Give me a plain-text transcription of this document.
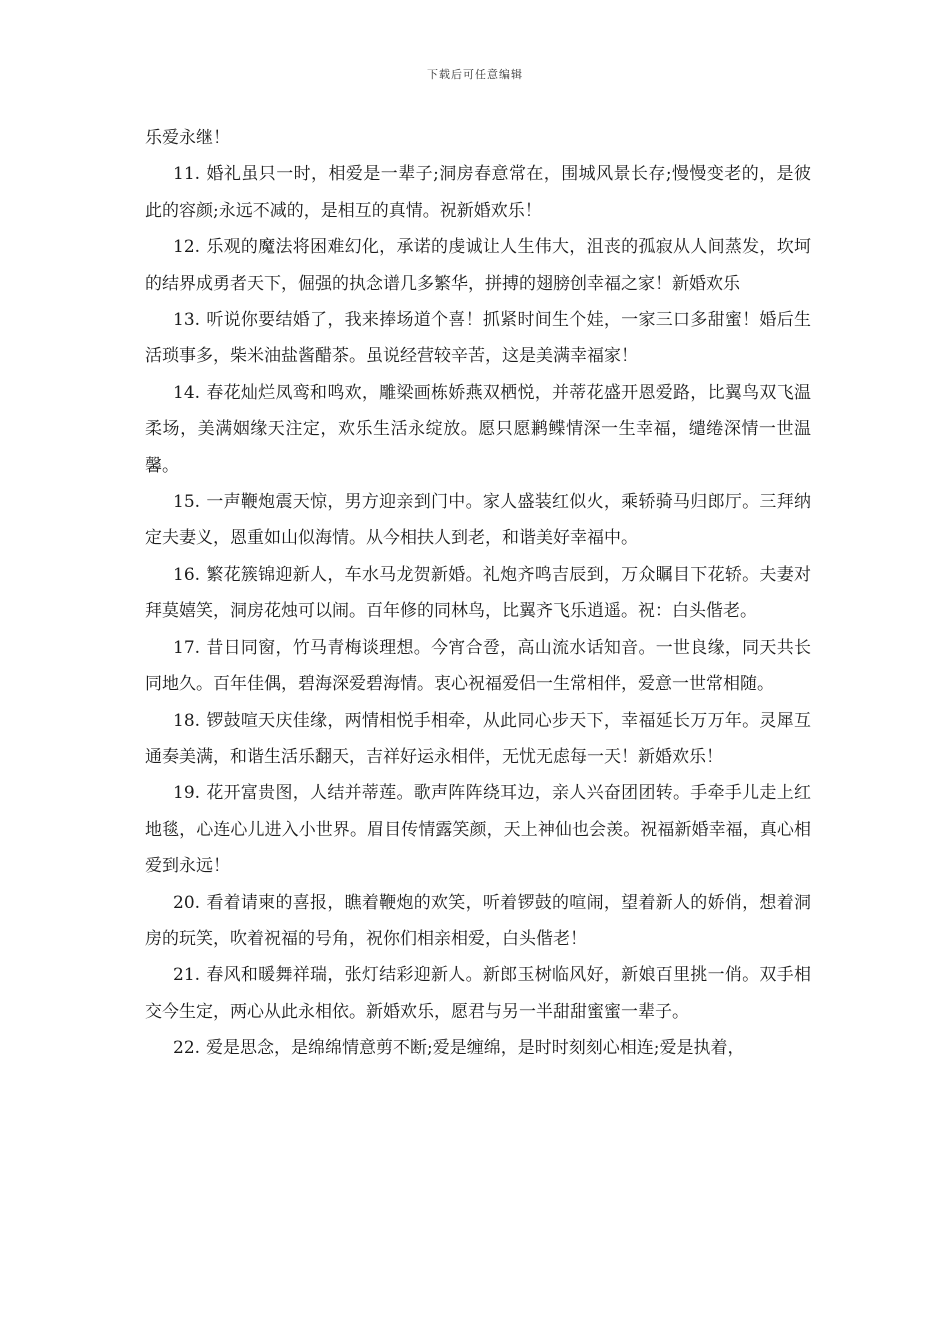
下载后可任意编辑

乐爱永继！

11. 婚礼虽只一时，相爱是一辈子;洞房春意常在，围城风景长存;慢慢变老的，是彼此的容颜;永远不减的，是相互的真情。祝新婚欢乐！

12. 乐观的魔法将困难幻化，承诺的虔诚让人生伟大，沮丧的孤寂从人间蒸发，坎坷的结界成勇者天下，倔强的执念谱几多繁华，拼搏的翅膀创幸福之家！新婚欢乐

13. 听说你要结婚了，我来捧场道个喜！抓紧时间生个娃，一家三口多甜蜜！婚后生活琐事多，柴米油盐酱醋茶。虽说经营较辛苦，这是美满幸福家！

14. 春花灿烂凤鸾和鸣欢，雕梁画栋娇燕双栖悦，并蒂花盛开恩爱路，比翼鸟双飞温柔场，美满姻缘天注定，欢乐生活永绽放。愿只愿鹣鲽情深一生幸福，缱绻深情一世温馨。

15. 一声鞭炮震天惊，男方迎亲到门中。家人盛装红似火，乘轿骑马归郎厅。三拜纳定夫妻义，恩重如山似海情。从今相扶人到老，和谐美好幸福中。

16. 繁花簇锦迎新人，车水马龙贺新婚。礼炮齐鸣吉辰到，万众瞩目下花轿。夫妻对拜莫嬉笑，洞房花烛可以闹。百年修的同林鸟，比翼齐飞乐逍遥。祝：白头偕老。

17. 昔日同窗，竹马青梅谈理想。今宵合卺，高山流水话知音。一世良缘，同天共长同地久。百年佳偶，碧海深爱碧海情。衷心祝福爱侣一生常相伴，爱意一世常相随。

18. 锣鼓喧天庆佳缘，两情相悦手相牵，从此同心步天下，幸福延长万万年。灵犀互通奏美满，和谐生活乐翻天，吉祥好运永相伴，无忧无虑每一天！新婚欢乐！

19. 花开富贵图，人结并蒂莲。歌声阵阵绕耳边，亲人兴奋团团转。手牵手儿走上红地毯，心连心儿进入小世界。眉目传情露笑颜，天上神仙也会羡。祝福新婚幸福，真心相爱到永远！

20. 看着请柬的喜报，瞧着鞭炮的欢笑，听着锣鼓的喧闹，望着新人的娇俏，想着洞房的玩笑，吹着祝福的号角，祝你们相亲相爱，白头偕老！

21. 春风和暖舞祥瑞，张灯结彩迎新人。新郎玉树临风好，新娘百里挑一俏。双手相交今生定，两心从此永相依。新婚欢乐，愿君与另一半甜甜蜜蜜一辈子。

22. 爱是思念，是绵绵情意剪不断;爱是缠绵，是时时刻刻心相连;爱是执着，
